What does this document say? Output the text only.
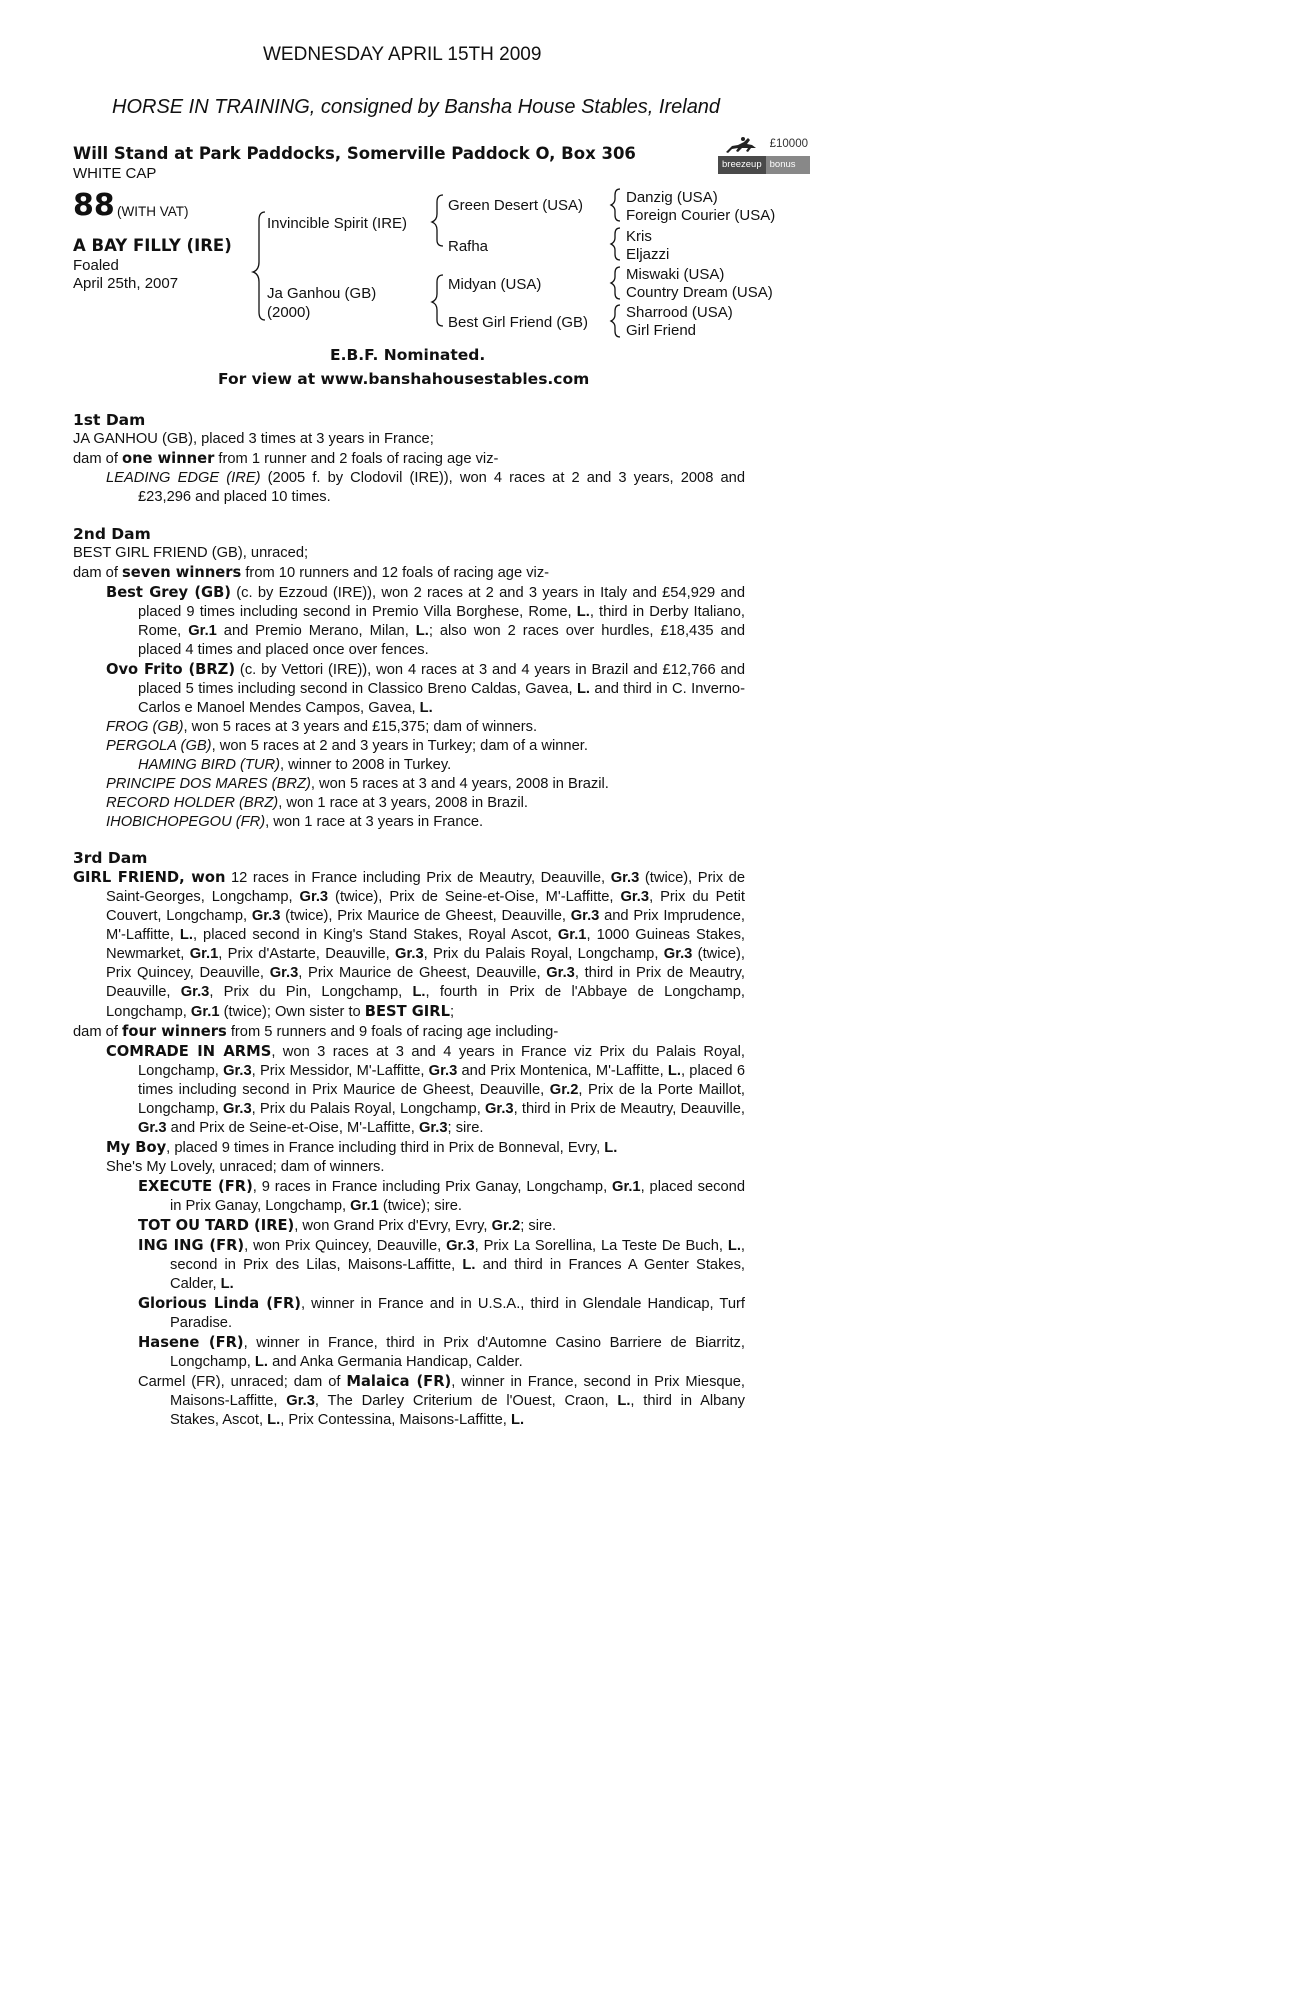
WEDNESDAY APRIL 15TH 2009
HORSE IN TRAINING, consigned by Bansha House Stables, Ireland
Will Stand at Park Paddocks, Somerville Paddock O, Box 306
WHITE CAP
£10000
breezeup bonus
88 (WITH VAT)
A BAY FILLY (IRE)
Foaled
April 25th, 2007
Invincible Spirit (IRE)
Ja Ganhou (GB)
(2000)
Green Desert (USA)
Rafha
Midyan (USA)
Best Girl Friend (GB)
Danzig (USA)
Foreign Courier (USA)
Kris
Eljazzi
Miswaki (USA)
Country Dream (USA)
Sharrood (USA)
Girl Friend
E.B.F. Nominated.
For view at www.banshahousestables.com
1st Dam

JA GANHOU (GB), placed 3 times at 3 years in France;

dam of one winner from 1 runner and 2 foals of racing age viz-

LEADING EDGE (IRE) (2005 f. by Clodovil (IRE)), won 4 races at 2 and 3 years, 2008 and £23,296 and placed 10 times.

2nd Dam

BEST GIRL FRIEND (GB), unraced;

dam of seven winners from 10 runners and 12 foals of racing age viz-

Best Grey (GB) (c. by Ezzoud (IRE)), won 2 races at 2 and 3 years in Italy and £54,929 and placed 9 times including second in Premio Villa Borghese, Rome, L., third in Derby Italiano, Rome, Gr.1 and Premio Merano, Milan, L.; also won 2 races over hurdles, £18,435 and placed 4 times and placed once over fences.

Ovo Frito (BRZ) (c. by Vettori (IRE)), won 4 races at 3 and 4 years in Brazil and £12,766 and placed 5 times including second in Classico Breno Caldas, Gavea, L. and third in C. Inverno-Carlos e Manoel Mendes Campos, Gavea, L.

FROG (GB), won 5 races at 3 years and £15,375; dam of winners.

PERGOLA (GB), won 5 races at 2 and 3 years in Turkey; dam of a winner.

HAMING BIRD (TUR), winner to 2008 in Turkey.

PRINCIPE DOS MARES (BRZ), won 5 races at 3 and 4 years, 2008 in Brazil.

RECORD HOLDER (BRZ), won 1 race at 3 years, 2008 in Brazil.

IHOBICHOPEGOU (FR), won 1 race at 3 years in France.

3rd Dam

GIRL FRIEND, won 12 races in France including Prix de Meautry, Deauville, Gr.3 (twice), Prix de Saint-Georges, Longchamp, Gr.3 (twice), Prix de Seine-et-Oise, M'-Laffitte, Gr.3, Prix du Petit Couvert, Longchamp, Gr.3 (twice), Prix Maurice de Gheest, Deauville, Gr.3 and Prix Imprudence, M'-Laffitte, L., placed second in King's Stand Stakes, Royal Ascot, Gr.1, 1000 Guineas Stakes, Newmarket, Gr.1, Prix d'Astarte, Deauville, Gr.3, Prix du Palais Royal, Longchamp, Gr.3 (twice), Prix Quincey, Deauville, Gr.3, Prix Maurice de Gheest, Deauville, Gr.3, third in Prix de Meautry, Deauville, Gr.3, Prix du Pin, Longchamp, L., fourth in Prix de l'Abbaye de Longchamp, Longchamp, Gr.1 (twice); Own sister to BEST GIRL;

dam of four winners from 5 runners and 9 foals of racing age including-

COMRADE IN ARMS, won 3 races at 3 and 4 years in France viz Prix du Palais Royal, Longchamp, Gr.3, Prix Messidor, M'-Laffitte, Gr.3 and Prix Montenica, M'-Laffitte, L., placed 6 times including second in Prix Maurice de Gheest, Deauville, Gr.2, Prix de la Porte Maillot, Longchamp, Gr.3, Prix du Palais Royal, Longchamp, Gr.3, third in Prix de Meautry, Deauville, Gr.3 and Prix de Seine-et-Oise, M'-Laffitte, Gr.3; sire.

My Boy, placed 9 times in France including third in Prix de Bonneval, Evry, L.

She's My Lovely, unraced; dam of winners.

EXECUTE (FR), 9 races in France including Prix Ganay, Longchamp, Gr.1, placed second in Prix Ganay, Longchamp, Gr.1 (twice); sire.

TOT OU TARD (IRE), won Grand Prix d'Evry, Evry, Gr.2; sire.

ING ING (FR), won Prix Quincey, Deauville, Gr.3, Prix La Sorellina, La Teste De Buch, L., second in Prix des Lilas, Maisons-Laffitte, L. and third in Frances A Genter Stakes, Calder, L.

Glorious Linda (FR), winner in France and in U.S.A., third in Glendale Handicap, Turf Paradise.

Hasene (FR), winner in France, third in Prix d'Automne Casino Barriere de Biarritz, Longchamp, L. and Anka Germania Handicap, Calder.

Carmel (FR), unraced; dam of Malaica (FR), winner in France, second in Prix Miesque, Maisons-Laffitte, Gr.3, The Darley Criterium de l'Ouest, Craon, L., third in Albany Stakes, Ascot, L., Prix Contessina, Maisons-Laffitte, L.
